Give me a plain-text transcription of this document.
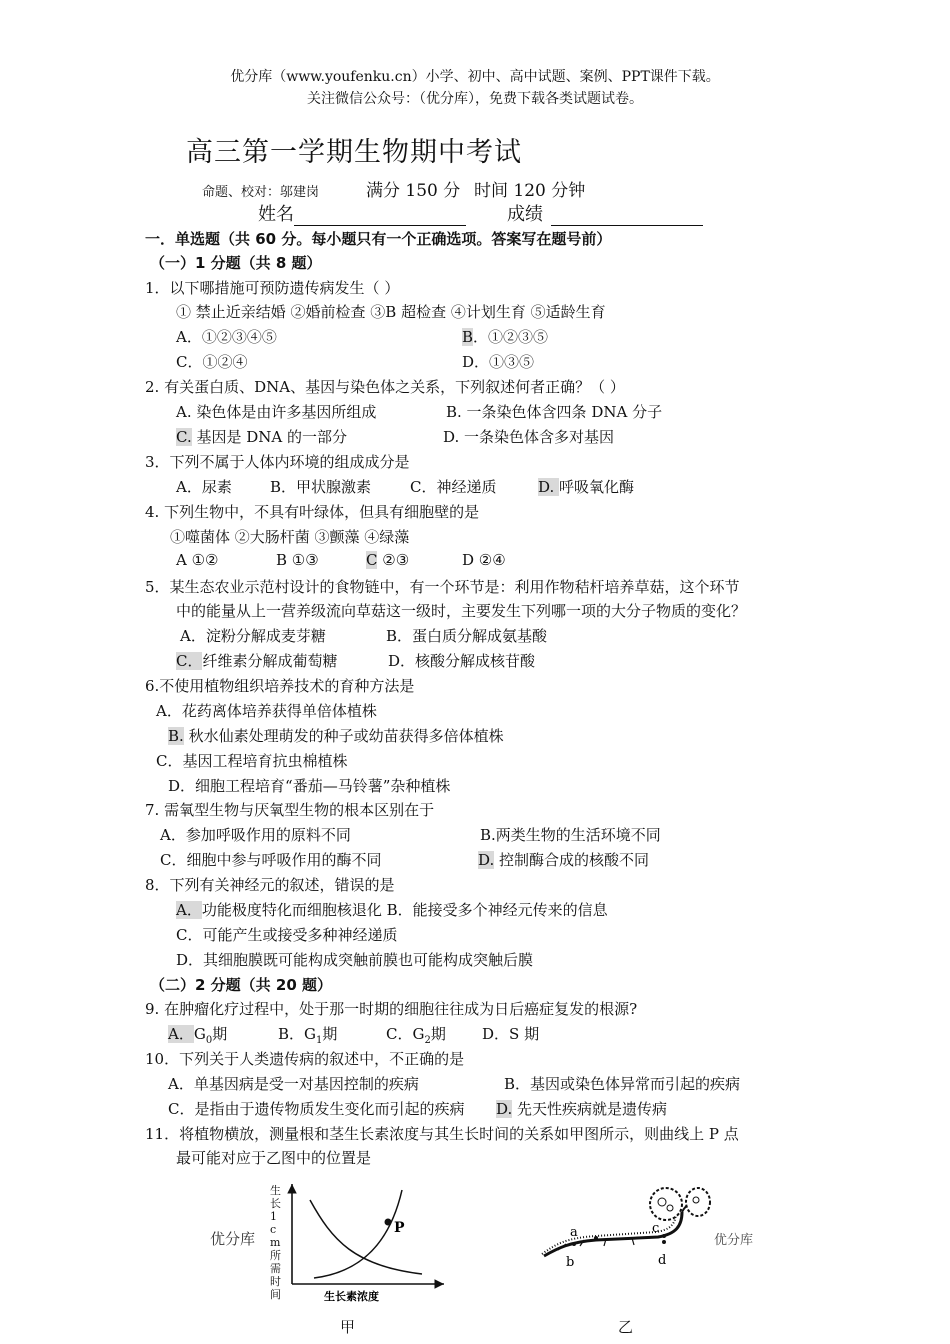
优分库（www.youfenku.cn）小学、初中、高中试题、案例、PPT课件下载。
关注微信公众号：（优分库），免费下载各类试题试卷。
高三第一学期生物期中考试
命题、校对：邬建岗	满分 150 分 时间 120 分钟
姓名	成绩
一．单选题（共 60 分。每小题只有一个正确选项。答案写在题号前）
（一）1 分题（共 8 题）
1．以下哪措施可预防遗传病发生（ ）
① 禁止近亲结婚 ②婚前检查 ③B 超检查 ④计划生育 ⑤适龄生育
A．①②③④⑤	B．①②③⑤
C．①②④	D．①③⑤
2. 有关蛋白质、DNA、基因与染色体之关系，下列叙述何者正确？（ ）
A. 染色体是由许多基因所组成	B. 一条染色体含四条 DNA 分子
C. 基因是 DNA 的一部分	D. 一条染色体含多对基因
3．下列不属于人体内环境的组成成分是
A．尿素	B．甲状腺激素	C．神经递质	D. 呼吸氧化酶
4. 下列生物中，不具有叶绿体，但具有细胞壁的是
①噬菌体 ②大肠杆菌 ③颤藻 ④绿藻
A ①②	B ①③	C ②③	D ②④
5．某生态农业示范村设计的食物链中，有一个环节是：利用作物秸杆培养草菇，这个环节
中的能量从上一营养级流向草菇这一级时，主要发生下列哪一项的大分子物质的变化？
A．淀粉分解成麦芽糖	B．蛋白质分解成氨基酸
C．纤维素分解成葡萄糖	D．核酸分解成核苷酸
6.不使用植物组织培养技术的育种方法是
A．花药离体培养获得单倍体植株
B. 秋水仙素处理萌发的种子或幼苗获得多倍体植株
C．基因工程培育抗虫棉植株
D．细胞工程培育“番茄—马铃薯”杂种植株
7. 需氧型生物与厌氧型生物的根本区别在于
A．参加呼吸作用的原料不同	B.两类生物的生活环境不同
C．细胞中参与呼吸作用的酶不同	D. 控制酶合成的核酸不同
8．下列有关神经元的叙述，错误的是
A．功能极度特化而细胞核退化 B．能接受多个神经元传来的信息
C．可能产生或接受多种神经递质
D．其细胞膜既可能构成突触前膜也可能构成突触后膜
（二）2 分题（共 20 题）
9. 在肿瘤化疗过程中，处于那一时期的细胞往往成为日后癌症复发的根源?
A．$G_0$期	B．$G_1$期	C．$G_2$期 D．S 期
10．下列关于人类遗传病的叙述中，不正确的是
A．单基因病是受一对基因控制的疾病	B．基因或染色体异常而引起的疾病
C．是指由于遗传物质发生变化而引起的疾病 D. 先天性疾病就是遗传病
11．将植物横放，测量根和茎生长素浓度与其生长时间的关系如甲图所示，则曲线上 P 点
最可能对应于乙图中的位置是
优分库	优分库
P
生长素浓度
生长1cm所需时间
甲
a
b
c
d
乙
